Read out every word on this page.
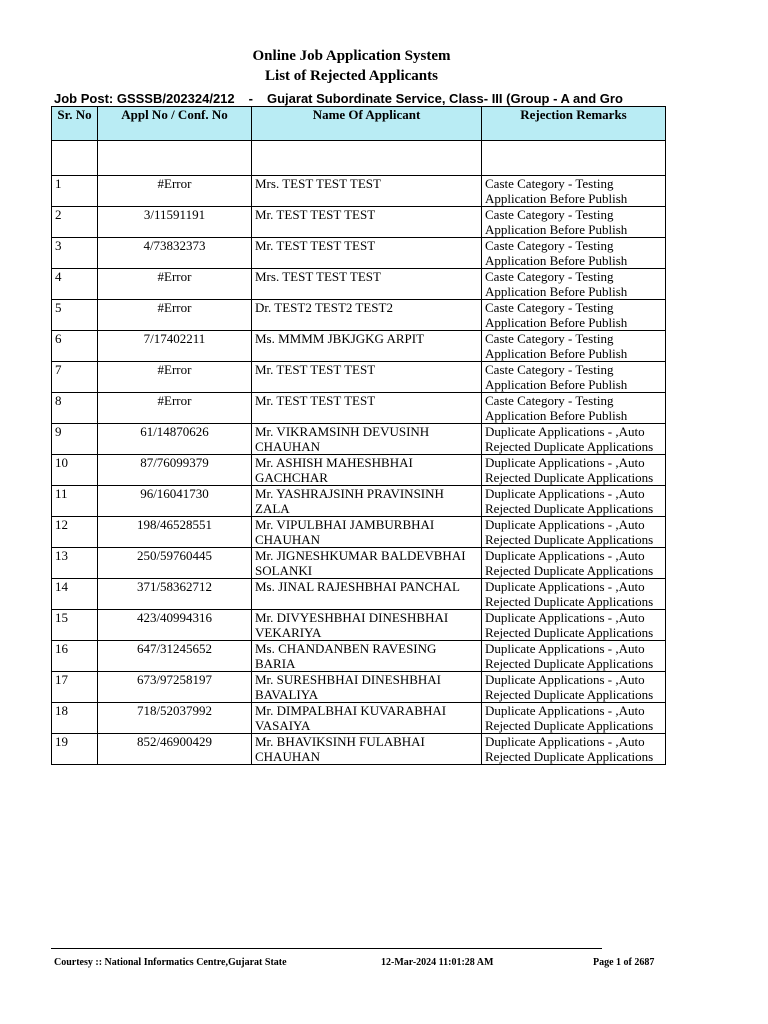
Online Job Application System
List of Rejected Applicants
Job Post: GSSSB/202324/212 - Gujarat Subordinate Service, Class- III (Group - A and Gro
Sr. No	Appl No / Conf. No	Name Of Applicant	Rejection Remarks

1	#Error	Mrs. TEST TEST TEST	Caste Category - Testing Application Before Publish
2	3/11591191	Mr. TEST TEST TEST	Caste Category - Testing Application Before Publish
3	4/73832373	Mr. TEST TEST TEST	Caste Category - Testing Application Before Publish
4	#Error	Mrs. TEST TEST TEST	Caste Category - Testing Application Before Publish
5	#Error	Dr. TEST2 TEST2 TEST2	Caste Category - Testing Application Before Publish
6	7/17402211	Ms. MMMM JBKJGKG ARPIT	Caste Category - Testing Application Before Publish
7	#Error	Mr. TEST TEST TEST	Caste Category - Testing Application Before Publish
8	#Error	Mr. TEST TEST TEST	Caste Category - Testing Application Before Publish
9	61/14870626	Mr. VIKRAMSINH DEVUSINH CHAUHAN	Duplicate Applications - ,Auto Rejected Duplicate Applications
10	87/76099379	Mr. ASHISH MAHESHBHAI GACHCHAR	Duplicate Applications - ,Auto Rejected Duplicate Applications
11	96/16041730	Mr. YASHRAJSINH PRAVINSINH ZALA	Duplicate Applications - ,Auto Rejected Duplicate Applications
12	198/46528551	Mr. VIPULBHAI JAMBURBHAI CHAUHAN	Duplicate Applications - ,Auto Rejected Duplicate Applications
13	250/59760445	Mr. JIGNESHKUMAR BALDEVBHAI SOLANKI	Duplicate Applications - ,Auto Rejected Duplicate Applications
14	371/58362712	Ms. JINAL RAJESHBHAI PANCHAL	Duplicate Applications - ,Auto Rejected Duplicate Applications
15	423/40994316	Mr. DIVYESHBHAI DINESHBHAI VEKARIYA	Duplicate Applications - ,Auto Rejected Duplicate Applications
16	647/31245652	Ms. CHANDANBEN RAVESING BARIA	Duplicate Applications - ,Auto Rejected Duplicate Applications
17	673/97258197	Mr. SURESHBHAI DINESHBHAI BAVALIYA	Duplicate Applications - ,Auto Rejected Duplicate Applications
18	718/52037992	Mr. DIMPALBHAI KUVARABHAI VASAIYA	Duplicate Applications - ,Auto Rejected Duplicate Applications
19	852/46900429	Mr. BHAVIKSINH FULABHAI CHAUHAN	Duplicate Applications - ,Auto Rejected Duplicate Applications
Courtesy :: National Informatics Centre,Gujarat State	12-Mar-2024 11:01:28 AM	Page 1 of 2687
